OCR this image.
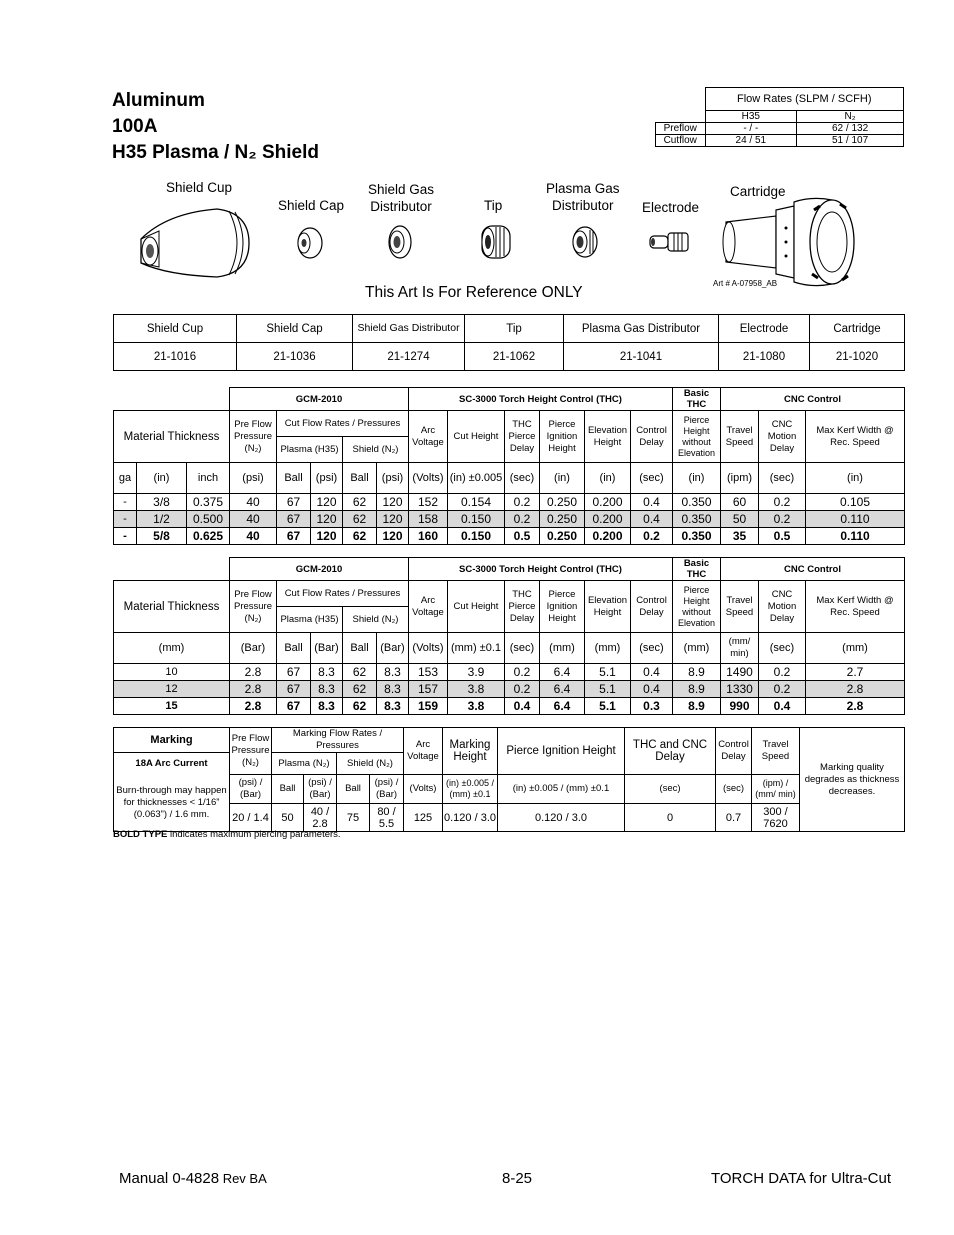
Aluminum
100A
H35 Plasma / N₂ Shield
	Flow Rates (SLPM / SCFH)	
	H35	N₂
Preflow	- / -	62 / 132
Cutflow	24 / 51	51 / 107
Shield Cup
Shield Cap
Shield Gas
Distributor	Tip
Plasma Gas
Distributor	Electrode
Cartridge
Art # A-07958_AB
This Art Is For Reference ONLY
Shield Cup	Shield Cap	Shield Gas Distributor	Tip	Plasma Gas Distributor	Electrode	Cartridge
21-1016	21-1036	21-1274	21-1062	21-1041	21-1080	21-1020
			GCM-2010					SC-3000 Torch Height Control (THC)						Basic THC	CNC Control		
Material Thickness			Pre Flow Pressure (N₂)	Cut Flow Rates / Pressures				Arc Voltage	Cut Height	THC Pierce Delay	Pierce Ignition Height	Elevation Height	Control Delay	Pierce Height without Elevation	Travel Speed	CNC Motion Delay	Max Kerf Width @ Rec. Speed
				Plasma (H35)		Shield (N₂)											
ga	(in)	inch	(psi)	Ball	(psi)	Ball	(psi)	(Volts)	(in) ±0.005	(sec)	(in)	(in)	(sec)	(in)	(ipm)	(sec)	(in)
-	3/8	0.375	40	67	120	62	120	152	0.154	0.2	0.250	0.200	0.4	0.350	60	0.2	0.105
-	1/2	0.500	40	67	120	62	120	158	0.150	0.2	0.250	0.200	0.4	0.350	50	0.2	0.110
-	5/8	0.625	40	67	120	62	120	160	0.150	0.5	0.250	0.200	0.2	0.350	35	0.5	0.110
	GCM-2010					SC-3000 Torch Height Control (THC)						Basic THC	CNC Control		
Material Thickness	Pre Flow Pressure (N₂)	Cut Flow Rates / Pressures				Arc Voltage	Cut Height	THC Pierce Delay	Pierce Ignition Height	Elevation Height	Control Delay	Pierce Height without Elevation	Travel Speed	CNC Motion Delay	Max Kerf Width @ Rec. Speed
		Plasma (H35)		Shield (N₂)											
(mm)	(Bar)	Ball	(Bar)	Ball	(Bar)	(Volts)	(mm) ±0.1	(sec)	(mm)	(mm)	(sec)	(mm)	(mm/ min)	(sec)	(mm)
10	2.8	67	8.3	62	8.3	153	3.9	0.2	6.4	5.1	0.4	8.9	1490	0.2	2.7
12	2.8	67	8.3	62	8.3	157	3.8	0.2	6.4	5.1	0.4	8.9	1330	0.2	2.8
15	2.8	67	8.3	62	8.3	159	3.8	0.4	6.4	5.1	0.3	8.9	990	0.4	2.8
Marking	Pre Flow Pressure (N₂)	Marking Flow Rates / Pressures				Arc Voltage	Marking Height	Pierce Ignition Height	THC and CNC Delay	Control Delay	Travel Speed	Marking quality degrades as thickness decreases.
18A Arc Current		Plasma (N₂)		Shield (N₂)								
Burn-through may happen for thicknesses < 1/16” (0.063”) / 1.6 mm.	(psi) / (Bar)	Ball	(psi) / (Bar)	Ball	(psi) / (Bar)	(Volts)	(in) ±0.005 / (mm) ±0.1	(in) ±0.005 / (mm) ±0.1	(sec)	(sec)	(ipm) / (mm/ min)	
	20 / 1.4	50	40 / 2.8	75	80 / 5.5	125	0.120 / 3.0	0.120 / 3.0	0	0.7	300 / 7620	
BOLD TYPE indicates maximum piercing parameters.
Manual 0-4828 Rev BA	8-25	TORCH DATA for Ultra-Cut
